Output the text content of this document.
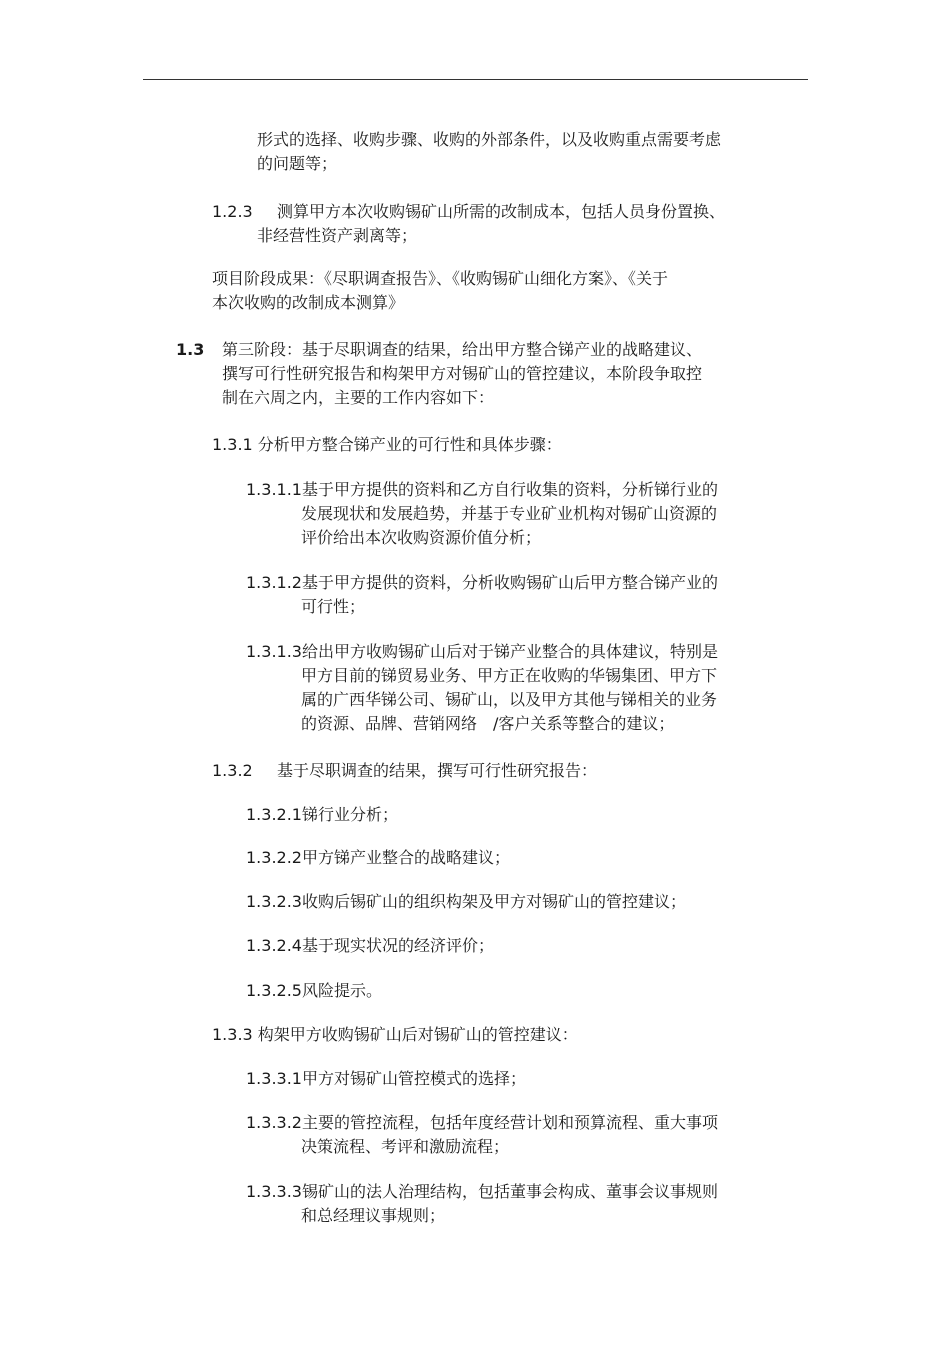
形式的选择、收购步骤、收购的外部条件，以及收购重点需要考虑
的问题等；
1.2.3 测算甲方本次收购锡矿山所需的改制成本，包括人员身份置换、
非经营性资产剥离等；
项目阶段成果：《尽职调查报告》、《收购锡矿山细化方案》、《关于
本次收购的改制成本测算》
1.3 第三阶段：基于尽职调查的结果，给出甲方整合锑产业的战略建议、
撰写可行性研究报告和构架甲方对锡矿山的管控建议，本阶段争取控
制在六周之内，主要的工作内容如下：
1.3.1 分析甲方整合锑产业的可行性和具体步骤：
1.3.1.1基于甲方提供的资料和乙方自行收集的资料，分析锑行业的
发展现状和发展趋势，并基于专业矿业机构对锡矿山资源的
评价给出本次收购资源价值分析；
1.3.1.2基于甲方提供的资料，分析收购锡矿山后甲方整合锑产业的
可行性；
1.3.1.3给出甲方收购锡矿山后对于锑产业整合的具体建议，特别是
甲方目前的锑贸易业务、甲方正在收购的华锡集团、甲方下
属的广西华锑公司、锡矿山，以及甲方其他与锑相关的业务
的资源、品牌、营销网络　/客户关系等整合的建议；
1.3.2 基于尽职调查的结果，撰写可行性研究报告：
1.3.2.1锑行业分析；
1.3.2.2甲方锑产业整合的战略建议；
1.3.2.3收购后锡矿山的组织构架及甲方对锡矿山的管控建议；
1.3.2.4基于现实状况的经济评价；
1.3.2.5风险提示。
1.3.3 构架甲方收购锡矿山后对锡矿山的管控建议：
1.3.3.1甲方对锡矿山管控模式的选择；
1.3.3.2主要的管控流程，包括年度经营计划和预算流程、重大事项
决策流程、考评和激励流程；
1.3.3.3锡矿山的法人治理结构，包括董事会构成、董事会议事规则
和总经理议事规则；
